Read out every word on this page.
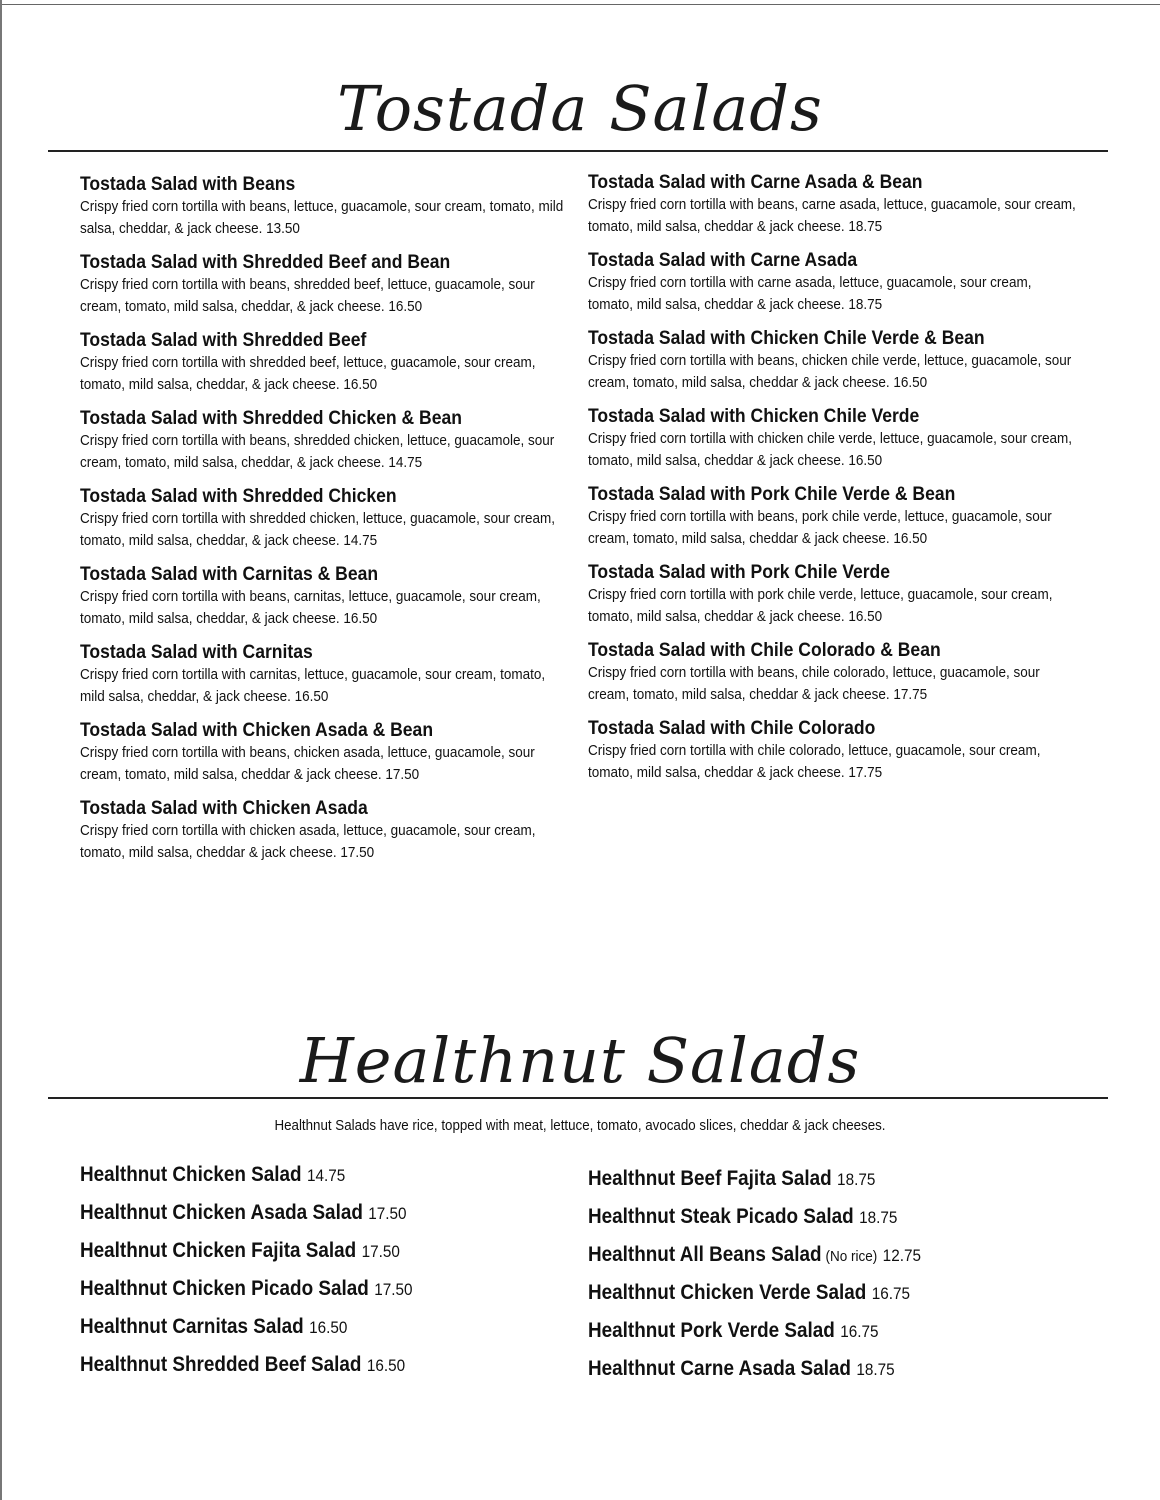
Tostada Salads
Tostada Salad with Beans
Crispy fried corn tortilla with beans, lettuce, guacamole, sour cream, tomato, mild salsa, cheddar, & jack cheese. 13.50
Tostada Salad with Shredded Beef and Bean
Crispy fried corn tortilla with beans, shredded beef, lettuce, guacamole, sour cream, tomato, mild salsa, cheddar, & jack cheese. 16.50
Tostada Salad with Shredded Beef
Crispy fried corn tortilla with shredded beef, lettuce, guacamole, sour cream, tomato, mild salsa, cheddar, & jack cheese. 16.50
Tostada Salad with Shredded Chicken & Bean
Crispy fried corn tortilla with beans, shredded chicken, lettuce, guacamole, sour cream, tomato, mild salsa, cheddar, & jack cheese. 14.75
Tostada Salad with Shredded Chicken
Crispy fried corn tortilla with shredded chicken, lettuce, guacamole, sour cream, tomato, mild salsa, cheddar, & jack cheese. 14.75
Tostada Salad with Carnitas & Bean
Crispy fried corn tortilla with beans, carnitas, lettuce, guacamole, sour cream, tomato, mild salsa, cheddar, & jack cheese. 16.50
Tostada Salad with Carnitas
Crispy fried corn tortilla with carnitas, lettuce, guacamole, sour cream, tomato, mild salsa, cheddar, & jack cheese. 16.50
Tostada Salad with Chicken Asada & Bean
Crispy fried corn tortilla with beans, chicken asada, lettuce, guacamole, sour cream, tomato, mild salsa, cheddar & jack cheese. 17.50
Tostada Salad with Chicken Asada
Crispy fried corn tortilla with chicken asada, lettuce, guacamole, sour cream, tomato, mild salsa, cheddar & jack cheese. 17.50
Tostada Salad with Carne Asada & Bean
Crispy fried corn tortilla with beans, carne asada, lettuce, guacamole, sour cream, tomato, mild salsa, cheddar & jack cheese. 18.75
Tostada Salad with Carne Asada
Crispy fried corn tortilla with carne asada, lettuce, guacamole, sour cream, tomato, mild salsa, cheddar & jack cheese. 18.75
Tostada Salad with Chicken Chile Verde & Bean
Crispy fried corn tortilla with beans, chicken chile verde, lettuce, guacamole, sour cream, tomato, mild salsa, cheddar & jack cheese. 16.50
Tostada Salad with Chicken Chile Verde
Crispy fried corn tortilla with chicken chile verde, lettuce, guacamole, sour cream, tomato, mild salsa, cheddar & jack cheese. 16.50
Tostada Salad with Pork Chile Verde & Bean
Crispy fried corn tortilla with beans, pork chile verde, lettuce, guacamole, sour cream, tomato, mild salsa, cheddar & jack cheese. 16.50
Tostada Salad with Pork Chile Verde
Crispy fried corn tortilla with pork chile verde, lettuce, guacamole, sour cream, tomato, mild salsa, cheddar & jack cheese. 16.50
Tostada Salad with Chile Colorado & Bean
Crispy fried corn tortilla with beans, chile colorado, lettuce, guacamole, sour cream, tomato, mild salsa, cheddar & jack cheese. 17.75
Tostada Salad with Chile Colorado
Crispy fried corn tortilla with chile colorado, lettuce, guacamole, sour cream, tomato, mild salsa, cheddar & jack cheese. 17.75
Healthnut Salads
Healthnut Salads have rice, topped with meat, lettuce, tomato, avocado slices, cheddar & jack cheeses.
Healthnut Chicken Salad 14.75
Healthnut Chicken Asada Salad 17.50
Healthnut Chicken Fajita Salad 17.50
Healthnut Chicken Picado Salad 17.50
Healthnut Carnitas Salad 16.50
Healthnut Shredded Beef Salad 16.50
Healthnut Beef Fajita Salad 18.75
Healthnut Steak Picado Salad 18.75
Healthnut All Beans Salad (No rice) 12.75
Healthnut Chicken Verde Salad 16.75
Healthnut Pork Verde Salad 16.75
Healthnut Carne Asada Salad 18.75
